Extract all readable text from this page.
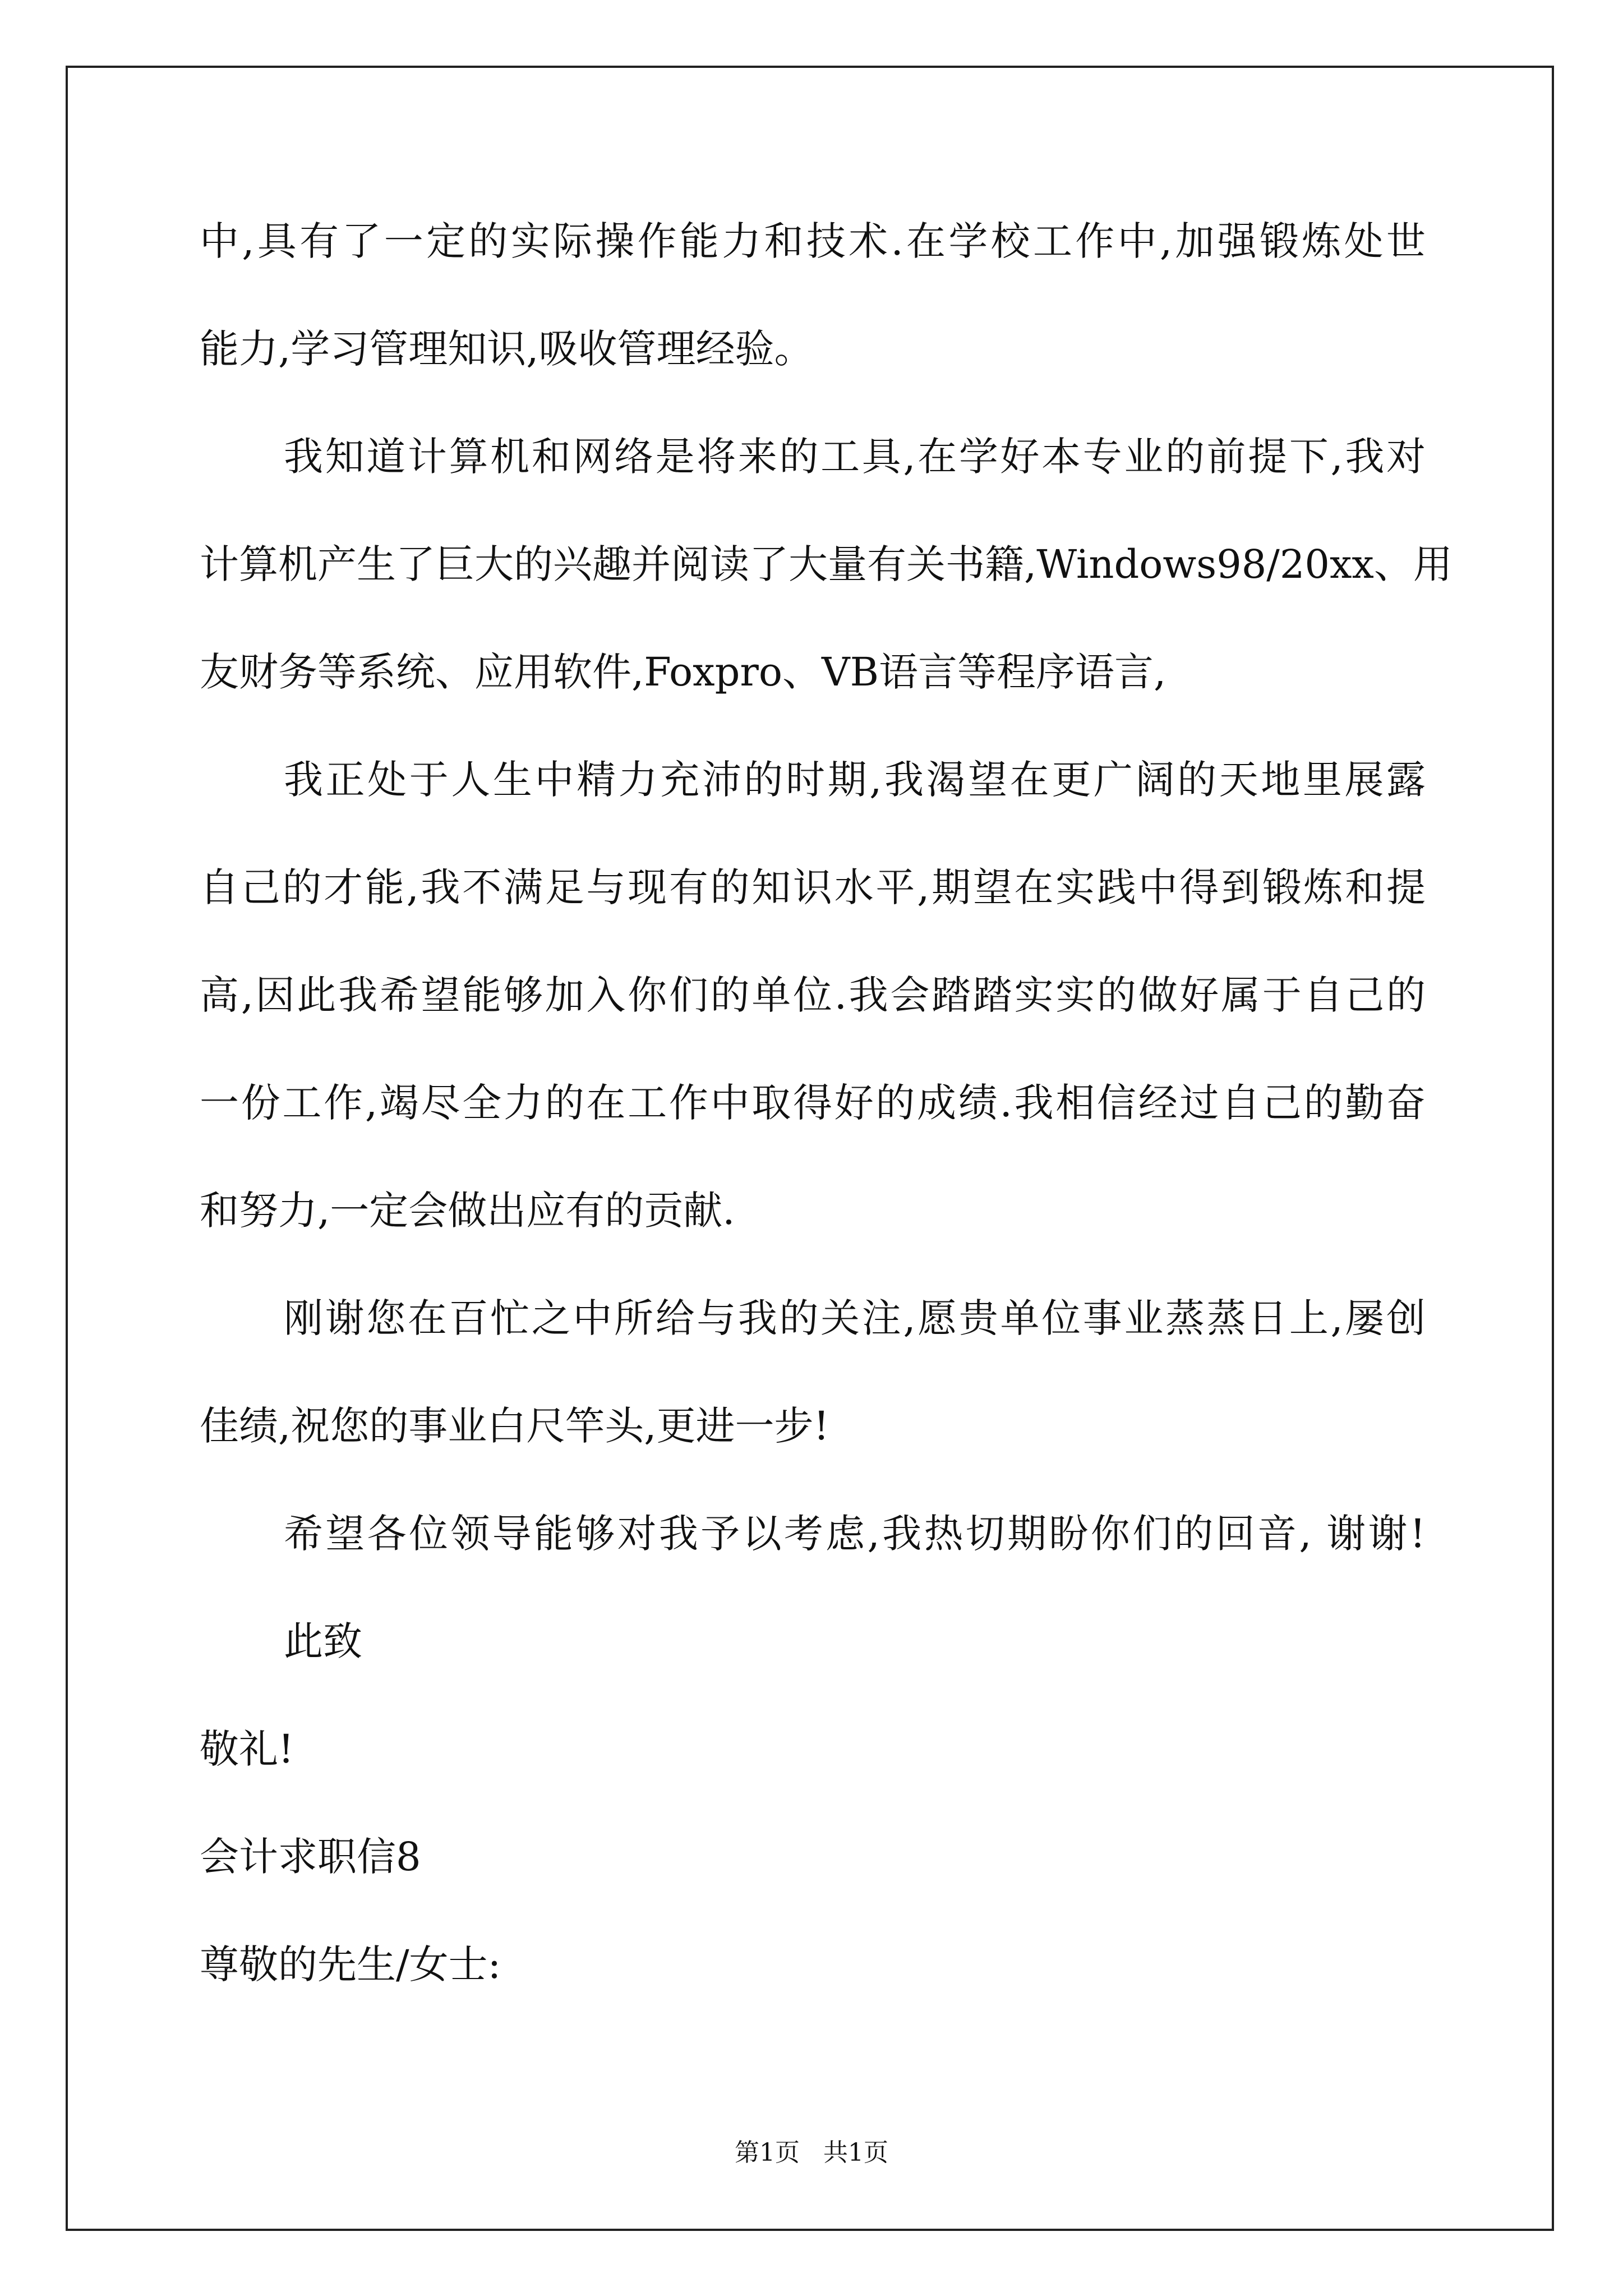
中,具有了一定的实际操作能力和技术.在学校工作中,加强锻炼处世
能力,学习管理知识,吸收管理经验。
我知道计算机和网络是将来的工具,在学好本专业的前提下,我对
计算机产生了巨大的兴趣并阅读了大量有关书籍,Windows98/20xx、用
友财务等系统、应用软件,Foxpro、VB语言等程序语言,
我正处于人生中精力充沛的时期,我渴望在更广阔的天地里展露
自己的才能,我不满足与现有的知识水平,期望在实践中得到锻炼和提
高,因此我希望能够加入你们的单位.我会踏踏实实的做好属于自己的
一份工作,竭尽全力的在工作中取得好的成绩.我相信经过自己的勤奋
和努力,一定会做出应有的贡献.
刚谢您在百忙之中所给与我的关注,愿贵单位事业蒸蒸日上,屡创
佳绩,祝您的事业白尺竿头,更进一步!
希望各位领导能够对我予以考虑,我热切期盼你们的回音, 谢谢!
此致
敬礼!
会计求职信8
尊敬的先生/女士:
第1页   共1页
